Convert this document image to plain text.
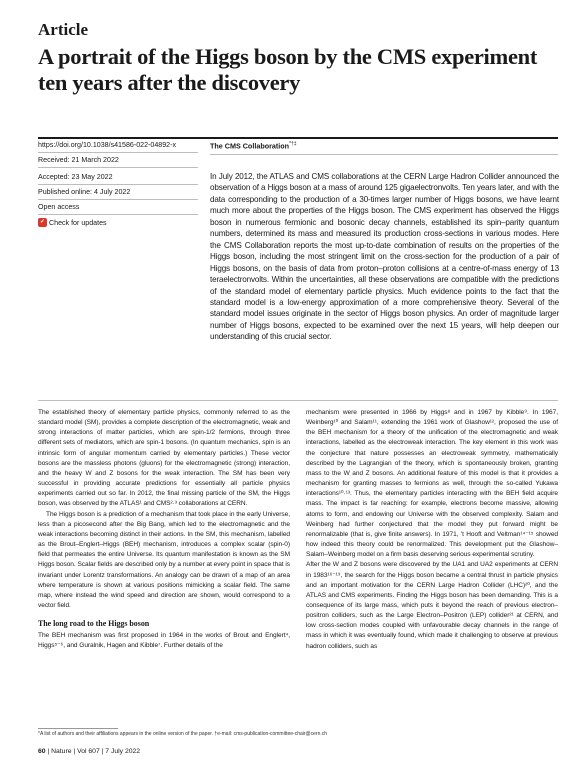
Article
A portrait of the Higgs boson by the CMS experiment ten years after the discovery
https://doi.org/10.1038/s41586-022-04892-x
Received: 21 March 2022
Accepted: 23 May 2022
Published online: 4 July 2022
Open access
✓ Check for updates
The CMS Collaboration*†‡
In July 2012, the ATLAS and CMS collaborations at the CERN Large Hadron Collider announced the observation of a Higgs boson at a mass of around 125 gigaelectronvolts. Ten years later, and with the data corresponding to the production of a 30-times larger number of Higgs bosons, we have learnt much more about the properties of the Higgs boson. The CMS experiment has observed the Higgs boson in numerous fermionic and bosonic decay channels, established its spin–parity quantum numbers, determined its mass and measured its production cross-sections in various modes. Here the CMS Collaboration reports the most up-to-date combination of results on the properties of the Higgs boson, including the most stringent limit on the cross-section for the production of a pair of Higgs bosons, on the basis of data from proton–proton collisions at a centre-of-mass energy of 13 teraelectronvolts. Within the uncertainties, all these observations are compatible with the predictions of the standard model of elementary particle physics. Much evidence points to the fact that the standard model is a low-energy approximation of a more comprehensive theory. Several of the standard model issues originate in the sector of Higgs boson physics. An order of magnitude larger number of Higgs bosons, expected to be examined over the next 15 years, will help deepen our understanding of this crucial sector.

The established theory of elementary particle physics, commonly referred to as the standard model (SM), provides a complete description of the electromagnetic, weak and strong interactions of matter particles, which are spin-1/2 fermions, through three different sets of mediators, which are spin-1 bosons. (In quantum mechanics, spin is an intrinsic form of angular momentum carried by elementary particles.) These vector bosons are the massless photons (gluons) for the electromagnetic (strong) interaction, and the heavy W and Z bosons for the weak interaction. The SM has been very successful in providing accurate predictions for essentially all particle physics experiments carried out so far. In 2012, the final missing particle of the SM, the Higgs boson, was observed by the ATLAS¹ and CMS²·³ collaborations at CERN.

The Higgs boson is a prediction of a mechanism that took place in the early Universe, less than a picosecond after the Big Bang, which led to the electromagnetic and the weak interactions becoming distinct in their actions. In the SM, this mechanism, labelled as the Brout–Englert–Higgs (BEH) mechanism, introduces a complex scalar (spin-0) field that permeates the entire Universe. Its quantum manifestation is known as the SM Higgs boson. Scalar fields are described only by a number at every point in space that is invariant under Lorentz transformations. An analogy can be drawn of a map of an area where temperature is shown at various positions mimicking a scalar field. The same map, where instead the wind speed and direction are shown, would correspond to a vector field.

The long road to the Higgs boson

The BEH mechanism was first proposed in 1964 in the works of Brout and Englert⁴, Higgs⁵⁻⁶, and Guralnik, Hagen and Kibble⁷. Further details of the

mechanism were presented in 1966 by Higgs⁸ and in 1967 by Kibble⁹. In 1967, Weinberg¹⁰ and Salam¹¹, extending the 1961 work of Glashow¹², proposed the use of the BEH mechanism for a theory of the unification of the electromagnetic and weak interactions, labelled as the electroweak interaction. The key element in this work was the conjecture that nature possesses an electroweak symmetry, mathematically described by the Lagrangian of the theory, which is spontaneously broken, granting mass to the W and Z bosons. An additional feature of this model is that it provides a mechanism for granting masses to fermions as well, through the so-called Yukawa interactions¹⁰·¹³. Thus, the elementary particles interacting with the BEH field acquire mass. The impact is far reaching: for example, electrons become massive, allowing atoms to form, and endowing our Universe with the observed complexity. Salam and Weinberg had further conjectured that the model they put forward might be renormalizable (that is, give finite answers). In 1971, ’t Hooft and Veltman¹⁴⁻¹⁵ showed how indeed this theory could be renormalized. This development put the Glashow–Salam–Weinberg model on a firm basis deserving serious experimental scrutiny.

After the W and Z bosons were discovered by the UA1 and UA2 experiments at CERN in 1983¹⁶⁻¹⁹, the search for the Higgs boson became a central thrust in particle physics and an important motivation for the CERN Large Hadron Collider (LHC)²⁰, and the ATLAS and CMS experiments. Finding the Higgs boson has been demanding. This is a consequence of its large mass, which puts it beyond the reach of previous electron–positron colliders, such as the Large Electron–Positron (LEP) collider²¹ at CERN, and low cross-section modes coupled with unfavourable decay channels in the range of mass in which it was eventually found, which made it challenging to observe at previous hadron colliders, such as

*A list of authors and their affiliations appears in the online version of the paper. †e-mail: cms-publication-committee-chair@cern.ch
60 | Nature | Vol 607 | 7 July 2022
